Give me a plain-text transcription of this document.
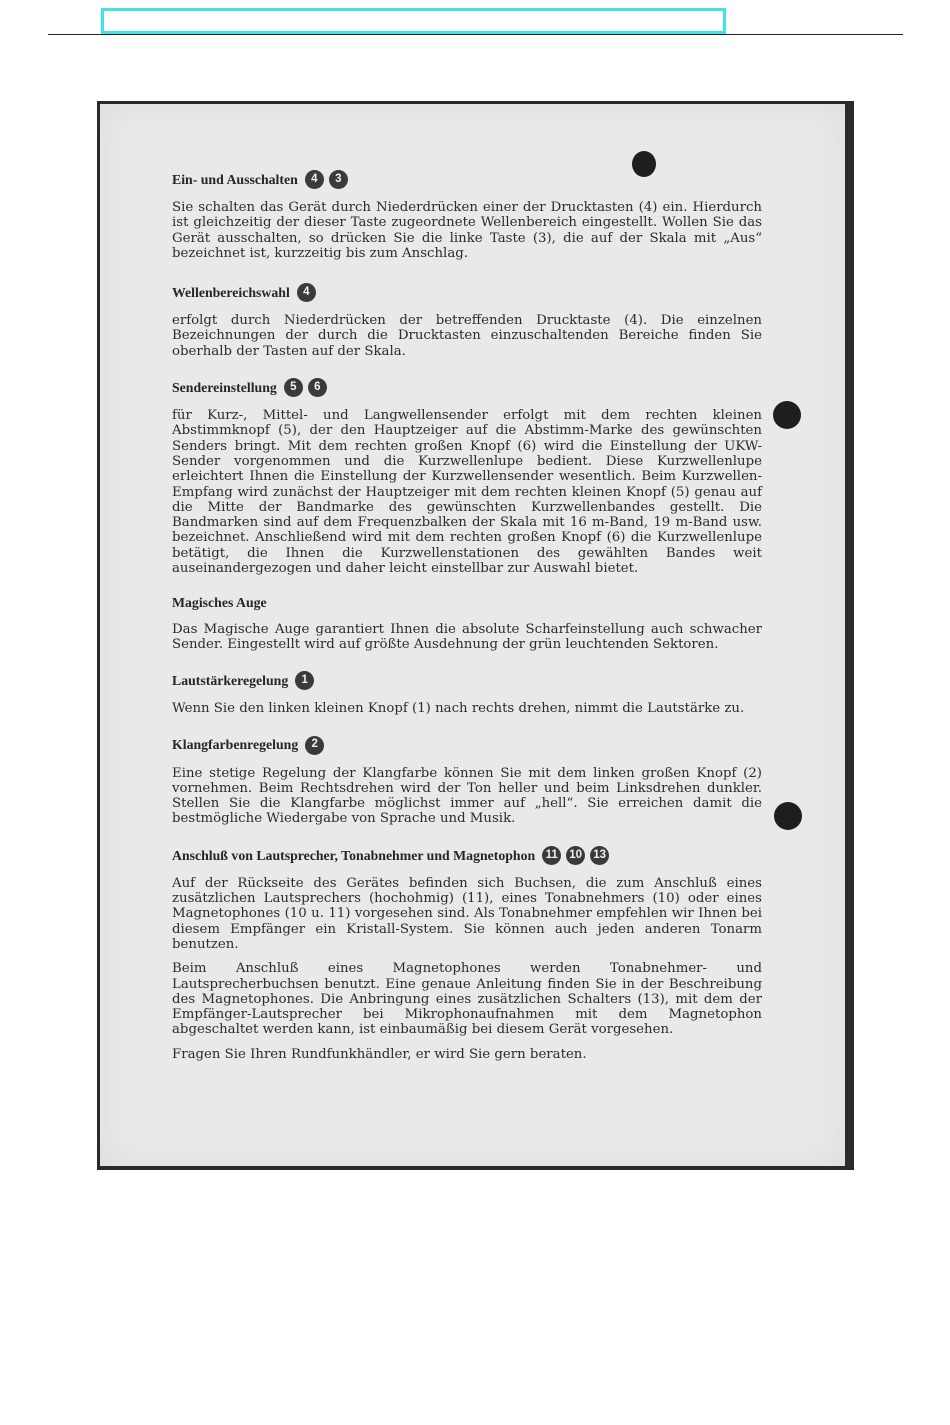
Ein- und Ausschalten	4	3

Sie schalten das Gerät durch Niederdrücken einer der Drucktasten (4) ein. Hierdurch ist gleichzeitig der dieser Taste zugeordnete Wellenbereich eingestellt. Wollen Sie das Gerät ausschalten, so drücken Sie die linke Taste (3), die auf der Skala mit „Aus“ bezeichnet ist, kurzzeitig bis zum Anschlag.

Wellenbereichswahl	4

erfolgt durch Niederdrücken der betreffenden Drucktaste (4). Die einzelnen Bezeichnungen der durch die Drucktasten einzuschaltenden Bereiche finden Sie oberhalb der Tasten auf der Skala.

Sendereinstellung	5	6

für Kurz-, Mittel- und Langwellensender erfolgt mit dem rechten kleinen Abstimmknopf (5), der den Hauptzeiger auf die Abstimm-Marke des gewünschten Senders bringt. Mit dem rechten großen Knopf (6) wird die Einstellung der UKW-Sender vorgenommen und die Kurzwellenlupe bedient. Diese Kurzwellenlupe erleichtert Ihnen die Einstellung der Kurzwellensender wesentlich. Beim Kurzwellen-Empfang wird zunächst der Hauptzeiger mit dem rechten kleinen Knopf (5) genau auf die Mitte der Bandmarke des gewünschten Kurzwellenbandes gestellt. Die Bandmarken sind auf dem Frequenzbalken der Skala mit 16 m-Band, 19 m-Band usw. bezeichnet. Anschließend wird mit dem rechten großen Knopf (6) die Kurzwellenlupe betätigt, die Ihnen die Kurzwellenstationen des gewählten Bandes weit auseinandergezogen und daher leicht einstellbar zur Auswahl bietet.

Magisches Auge

Das Magische Auge garantiert Ihnen die absolute Scharfeinstellung auch schwacher Sender. Eingestellt wird auf größte Ausdehnung der grün leuchtenden Sektoren.

Lautstärkeregelung	1

Wenn Sie den linken kleinen Knopf (1) nach rechts drehen, nimmt die Lautstärke zu.

Klangfarbenregelung	2

Eine stetige Regelung der Klangfarbe können Sie mit dem linken großen Knopf (2) vornehmen. Beim Rechtsdrehen wird der Ton heller und beim Linksdrehen dunkler. Stellen Sie die Klangfarbe möglichst immer auf „hell“. Sie erreichen damit die bestmögliche Wiedergabe von Sprache und Musik.

Anschluß von Lautsprecher, Tonabnehmer und Magnetophon 11 10 13

Auf der Rückseite des Gerätes befinden sich Buchsen, die zum Anschluß eines zusätzlichen Lautsprechers (hochohmig) (11), eines Tonabnehmers (10) oder eines Magnetophones (10 u. 11) vorgesehen sind. Als Tonabnehmer empfehlen wir Ihnen bei diesem Empfänger ein Kristall-System. Sie können auch jeden anderen Tonarm benutzen.

Beim Anschluß eines Magnetophones werden Tonabnehmer- und Lautsprecherbuchsen benutzt. Eine genaue Anleitung finden Sie in der Beschreibung des Magnetophones. Die Anbringung eines zusätzlichen Schalters (13), mit dem der Empfänger-Lautsprecher bei Mikrophonaufnahmen mit dem Magnetophon abgeschaltet werden kann, ist einbaumäßig bei diesem Gerät vorgesehen.

Fragen Sie Ihren Rundfunkhändler, er wird Sie gern beraten.
